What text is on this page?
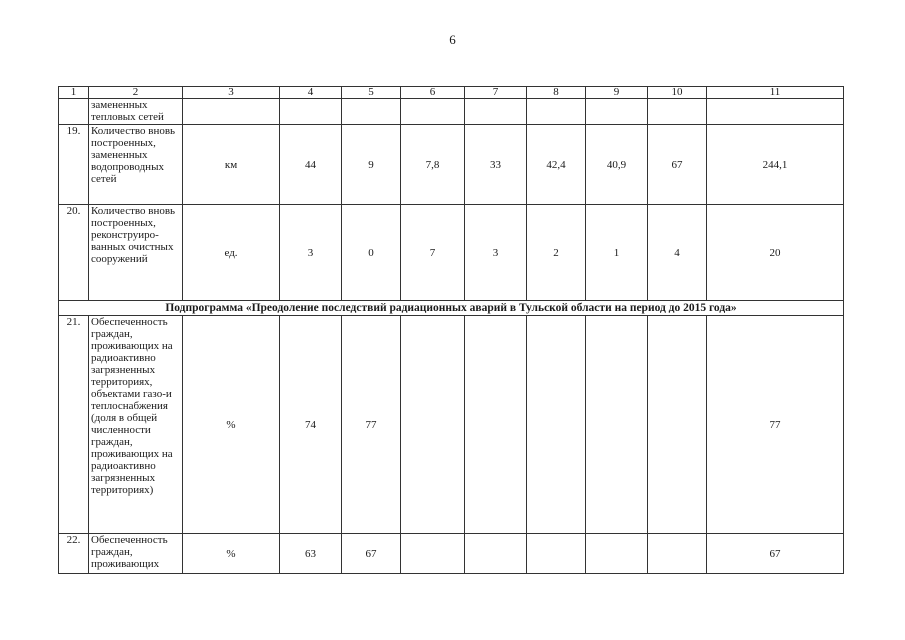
6
1	2	3	4	5	6	7	8	9	10	11
	замененных тепловых сетей									
19.	Количество вновь построенных, замененных водопроводных сетей	км	44	9	7,8	33	42,4	40,9	67	244,1
20.	Количество вновь построенных, реконструиро-ванных очистных сооружений	ед.	3	0	7	3	2	1	4	20
Подпрограмма «Преодоление последствий радиационных аварий в Тульской области на период до 2015 года»										
21.	Обеспеченность граждан, проживающих на радиоактивно загрязненных территориях, объектами газо-и теплоснабжения (доля в общей численности граждан, проживающих на радиоактивно загрязненных территориях)	%	74	77						77
22.	Обеспеченность граждан, проживающих	%	63	67						67
